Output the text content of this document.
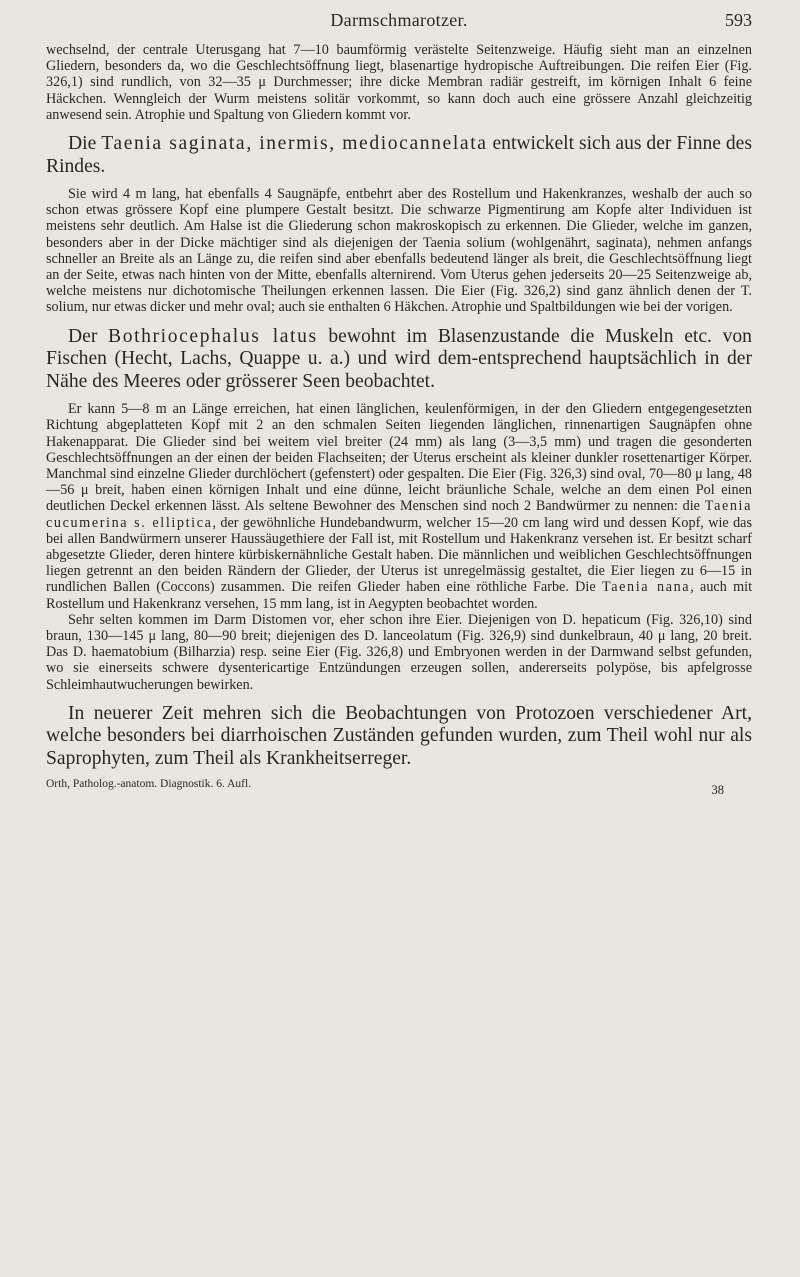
Darmschmarotzer.	593

wechselnd, der centrale Uterusgang hat 7—10 baumförmig verästelte Seitenzweige. Häufig sieht man an einzelnen Gliedern, besonders da, wo die Geschlechtsöffnung liegt, blasenartige hydropische Auftreibungen. Die reifen Eier (Fig. 326,1) sind rundlich, von 32—35 μ Durchmesser; ihre dicke Membran radiär gestreift, im körnigen Inhalt 6 feine Häckchen. Wenngleich der Wurm meistens solitär vorkommt, so kann doch auch eine grössere Anzahl gleichzeitig anwesend sein. Atrophie und Spaltung von Gliedern kommt vor.

Die Taenia saginata, inermis, mediocannelata entwickelt sich aus der Finne des Rindes.

Sie wird 4 m lang, hat ebenfalls 4 Saugnäpfe, entbehrt aber des Rostellum und Hakenkranzes, weshalb der auch so schon etwas grössere Kopf eine plumpere Gestalt besitzt. Die schwarze Pigmentirung am Kopfe alter Individuen ist meistens sehr deutlich. Am Halse ist die Gliederung schon makroskopisch zu erkennen. Die Glieder, welche im ganzen, besonders aber in der Dicke mächtiger sind als diejenigen der Taenia solium (wohlgenährt, saginata), nehmen anfangs schneller an Breite als an Länge zu, die reifen sind aber ebenfalls bedeutend länger als breit, die Geschlechtsöffnung liegt an der Seite, etwas nach hinten von der Mitte, ebenfalls alternirend. Vom Uterus gehen jederseits 20—25 Seitenzweige ab, welche meistens nur dichotomische Theilungen erkennen lassen. Die Eier (Fig. 326,2) sind ganz ähnlich denen der T. solium, nur etwas dicker und mehr oval; auch sie enthalten 6 Häkchen. Atrophie und Spaltbildungen wie bei der vorigen.

Der Bothriocephalus latus bewohnt im Blasenzustande die Muskeln etc. von Fischen (Hecht, Lachs, Quappe u. a.) und wird dem-entsprechend hauptsächlich in der Nähe des Meeres oder grösserer Seen beobachtet.

Er kann 5—8 m an Länge erreichen, hat einen länglichen, keulenförmigen, in der den Gliedern entgegengesetzten Richtung abgeplatteten Kopf mit 2 an den schmalen Seiten liegenden länglichen, rinnenartigen Saugnäpfen ohne Hakenapparat. Die Glieder sind bei weitem viel breiter (24 mm) als lang (3—3,5 mm) und tragen die gesonderten Geschlechtsöffnungen an der einen der beiden Flachseiten; der Uterus erscheint als kleiner dunkler rosettenartiger Körper. Manchmal sind einzelne Glieder durchlöchert (gefenstert) oder gespalten. Die Eier (Fig. 326,3) sind oval, 70—80 μ lang, 48—56 μ breit, haben einen körnigen Inhalt und eine dünne, leicht bräunliche Schale, welche an dem einen Pol einen deutlichen Deckel erkennen lässt. Als seltene Bewohner des Menschen sind noch 2 Bandwürmer zu nennen: die Taenia cucumerina s. elliptica, der gewöhnliche Hundebandwurm, welcher 15—20 cm lang wird und dessen Kopf, wie das bei allen Bandwürmern unserer Haussäugethiere der Fall ist, mit Rostellum und Hakenkranz versehen ist. Er besitzt scharf abgesetzte Glieder, deren hintere kürbiskernähnliche Gestalt haben. Die männlichen und weiblichen Geschlechtsöffnungen liegen getrennt an den beiden Rändern der Glieder, der Uterus ist unregelmässig gestaltet, die Eier liegen zu 6—15 in rundlichen Ballen (Coccons) zusammen. Die reifen Glieder haben eine röthliche Farbe. Die Taenia nana, auch mit Rostellum und Hakenkranz versehen, 15 mm lang, ist in Aegypten beobachtet worden.

Sehr selten kommen im Darm Distomen vor, eher schon ihre Eier. Diejenigen von D. hepaticum (Fig. 326,10) sind braun, 130—145 μ lang, 80—90 breit; diejenigen des D. lanceolatum (Fig. 326,9) sind dunkelbraun, 40 μ lang, 20 breit. Das D. haematobium (Bilharzia) resp. seine Eier (Fig. 326,8) und Embryonen werden in der Darmwand selbst gefunden, wo sie einerseits schwere dysentericartige Entzündungen erzeugen sollen, andererseits polypöse, bis apfelgrosse Schleimhautwucherungen bewirken.

In neuerer Zeit mehren sich die Beobachtungen von Protozoen verschiedener Art, welche besonders bei diarrhoischen Zuständen gefunden wurden, zum Theil wohl nur als Saprophyten, zum Theil als Krankheitserreger.

Orth, Patholog.-anatom. Diagnostik. 6. Aufl.	38
